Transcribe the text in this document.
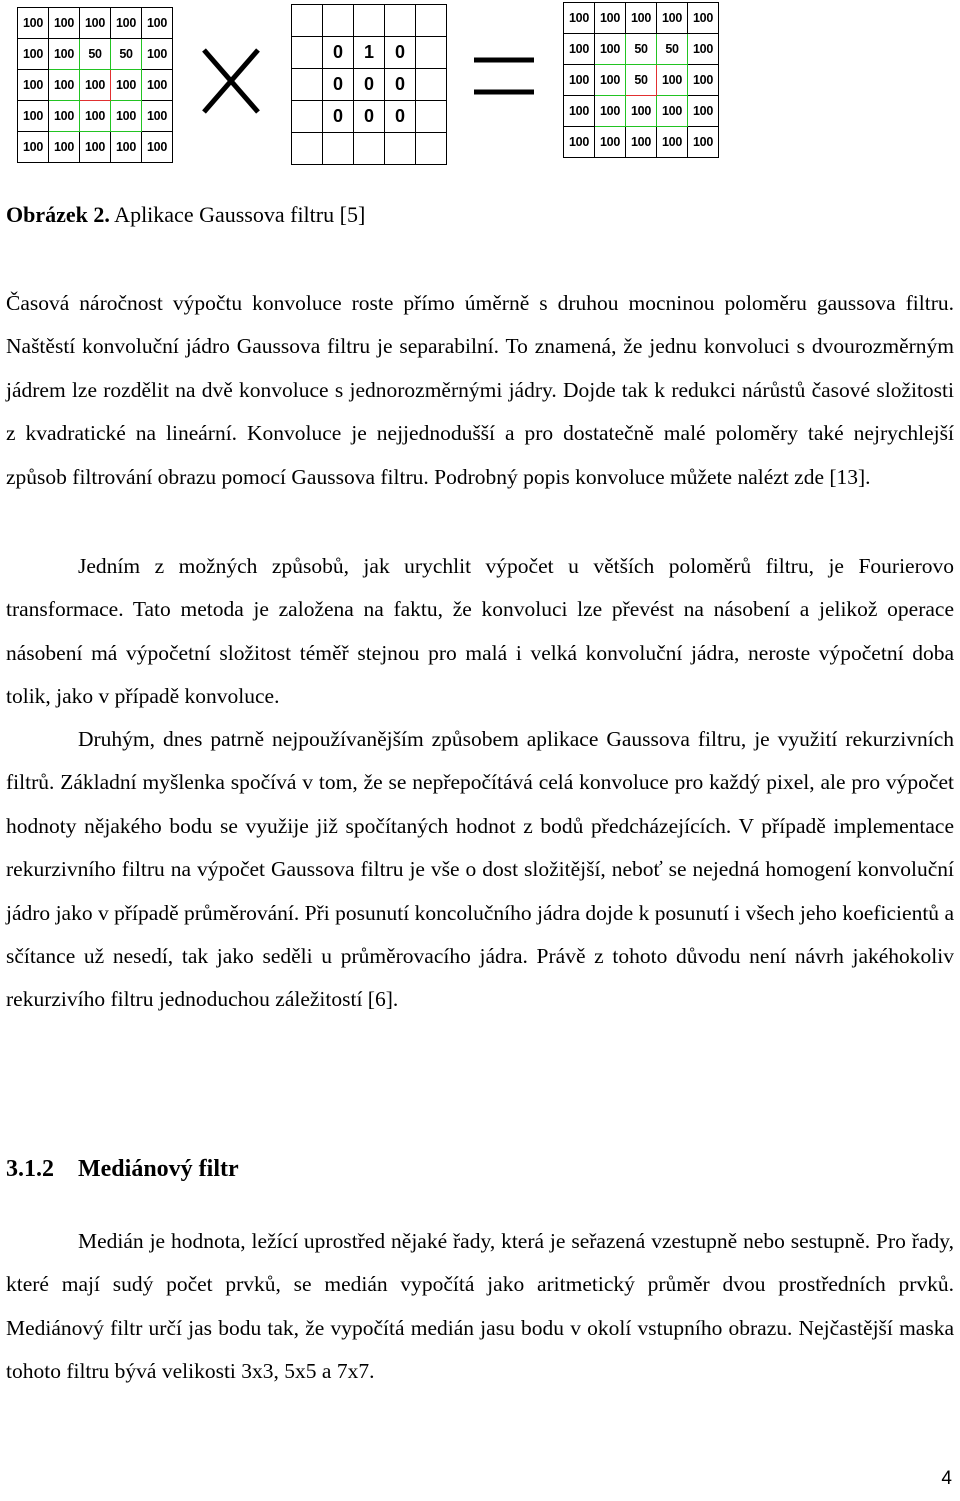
100	100	100	100	100
100	100	50	50	100
100	100	100	100	100
100	100	100	100	100
100	100	100	100	100

	0	1	0	
	0	0	0	
	0	0	0	

100	100	100	100	100
100	100	50	50	100
100	100	50	100	100
100	100	100	100	100
100	100	100	100	100
Obrázek 2. Aplikace Gaussova filtru [5]

Časová náročnost výpočtu konvoluce roste přímo úměrně s druhou mocninou poloměru gaussova filtru. Naštěstí konvoluční jádro Gaussova filtru je separabilní. To znamená, že jednu konvoluci s dvourozměrným jádrem lze rozdělit na dvě konvoluce s jednorozměrnými jádry. Dojde tak k redukci nárůstů časové složitosti z kvadratické na lineární. Konvoluce je nejjednodušší a pro dostatečně malé poloměry také nejrychlejší způsob filtrování obrazu pomocí Gaussova filtru. Podrobný popis konvoluce můžete nalézt zde [13].

Jedním z možných způsobů, jak urychlit výpočet u větších poloměrů filtru, je Fourierovo transformace. Tato metoda je založena na faktu, že konvoluci lze převést na násobení a jelikož operace násobení má výpočetní složitost téměř stejnou pro malá i velká konvoluční jádra, neroste výpočetní doba tolik, jako v případě konvoluce.

Druhým, dnes patrně nejpoužívanějším způsobem aplikace Gaussova filtru, je využití rekurzivních filtrů. Základní myšlenka spočívá v tom, že se nepřepočítává celá konvoluce pro každý pixel, ale pro výpočet hodnoty nějakého bodu se využije již spočítaných hodnot z bodů předcházejících. V případě implementace rekurzivního filtru na výpočet Gaussova filtru je vše o dost složitější, neboť se nejedná homogení konvoluční jádro jako v případě průměrování. Při posunutí koncolučního jádra dojde k posunutí i všech jeho koeficientů a sčítance už nesedí, tak jako seděli u průměrovacího jádra. Právě z tohoto důvodu není návrh jakéhokoliv rekurzivího filtru jednoduchou záležitostí [6].

3.1.2 Mediánový filtr

Medián je hodnota, ležící uprostřed nějaké řady, která je seřazená vzestupně nebo sestupně. Pro řady, které mají sudý počet prvků, se medián vypočítá jako aritmetický průměr dvou prostředních prvků. Mediánový filtr určí jas bodu tak, že vypočítá medián jasu bodu v okolí vstupního obrazu. Nejčastější maska tohoto filtru bývá velikosti 3x3, 5x5 a 7x7.

4
